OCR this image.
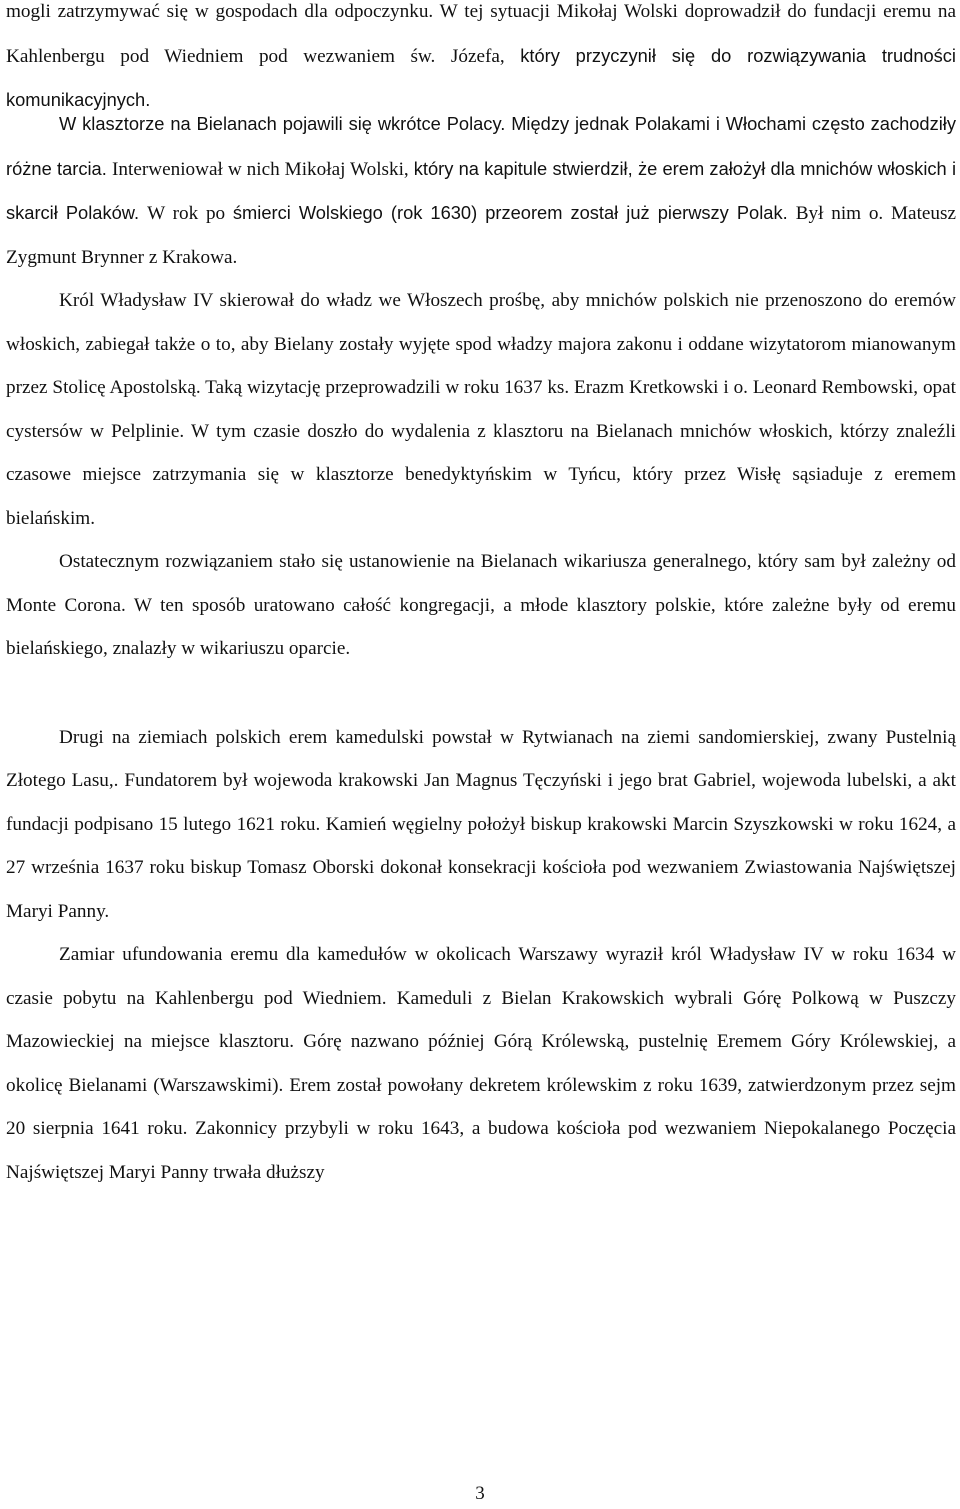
mogli zatrzymywać się w gospodach dla odpoczynku. W tej sytuacji Mikołaj Wolski doprowadził do fundacji eremu na Kahlenbergu pod Wiedniem pod wezwaniem św. Józefa, który przyczynił się do rozwiązywania trudności komunikacyjnych.

W klasztorze na Bielanach pojawili się wkrótce Polacy. Między jednak Polakami i Włochami często zachodziły różne tarcia. Interweniował w nich Mikołaj Wolski, który na kapitule stwierdził, że erem założył dla mnichów włoskich i skarcił Polaków. W rok po śmierci Wolskiego (rok 1630) przeorem został już pierwszy Polak. Był nim o. Mateusz Zygmunt Brynner z Krakowa.

Król Władysław IV skierował do władz we Włoszech prośbę, aby mnichów polskich nie przenoszono do eremów włoskich, zabiegał także o to, aby Bielany zostały wyjęte spod władzy majora zakonu i oddane wizytatorom mianowanym przez Stolicę Apostolską. Taką wizytację przeprowadzili w roku 1637 ks. Erazm Kretkowski i o. Leonard Rembowski, opat cystersów w Pelplinie. W tym czasie doszło do wydalenia z klasztoru na Bielanach mnichów włoskich, którzy znaleźli czasowe miejsce zatrzymania się w klasztorze benedyktyńskim w Tyńcu, który przez Wisłę sąsiaduje z eremem bielańskim.

Ostatecznym rozwiązaniem stało się ustanowienie na Bielanach wikariusza generalnego, który sam był zależny od Monte Corona. W ten sposób uratowano całość kongregacji, a młode klasztory polskie, które zależne były od eremu bielańskiego, znalazły w wikariuszu oparcie.

Drugi na ziemiach polskich erem kamedulski powstał w Rytwianach na ziemi sandomierskiej, zwany Pustelnią Złotego Lasu,. Fundatorem był wojewoda krakowski Jan Magnus Tęczyński i jego brat Gabriel, wojewoda lubelski, a akt fundacji podpisano 15 lutego 1621 roku. Kamień węgielny położył biskup krakowski Marcin Szyszkowski w roku 1624, a 27 września 1637 roku biskup Tomasz Oborski dokonał konsekracji kościoła pod wezwaniem Zwiastowania Najświętszej Maryi Panny.

Zamiar ufundowania eremu dla kamedułów w okolicach Warszawy wyraził król Władysław IV w roku 1634 w czasie pobytu na Kahlenbergu pod Wiedniem. Kameduli z Bielan Krakowskich wybrali Górę Polkową w Puszczy Mazowieckiej na miejsce klasztoru. Górę nazwano później Górą Królewską, pustelnię Eremem Góry Królewskiej, a okolicę Bielanami (Warszawskimi). Erem został powołany dekretem królewskim z roku 1639, zatwierdzonym przez sejm 20 sierpnia 1641 roku. Zakonnicy przybyli w roku 1643, a budowa kościoła pod wezwaniem Niepokalanego Poczęcia Najświętszej Maryi Panny trwała dłuższy

3
